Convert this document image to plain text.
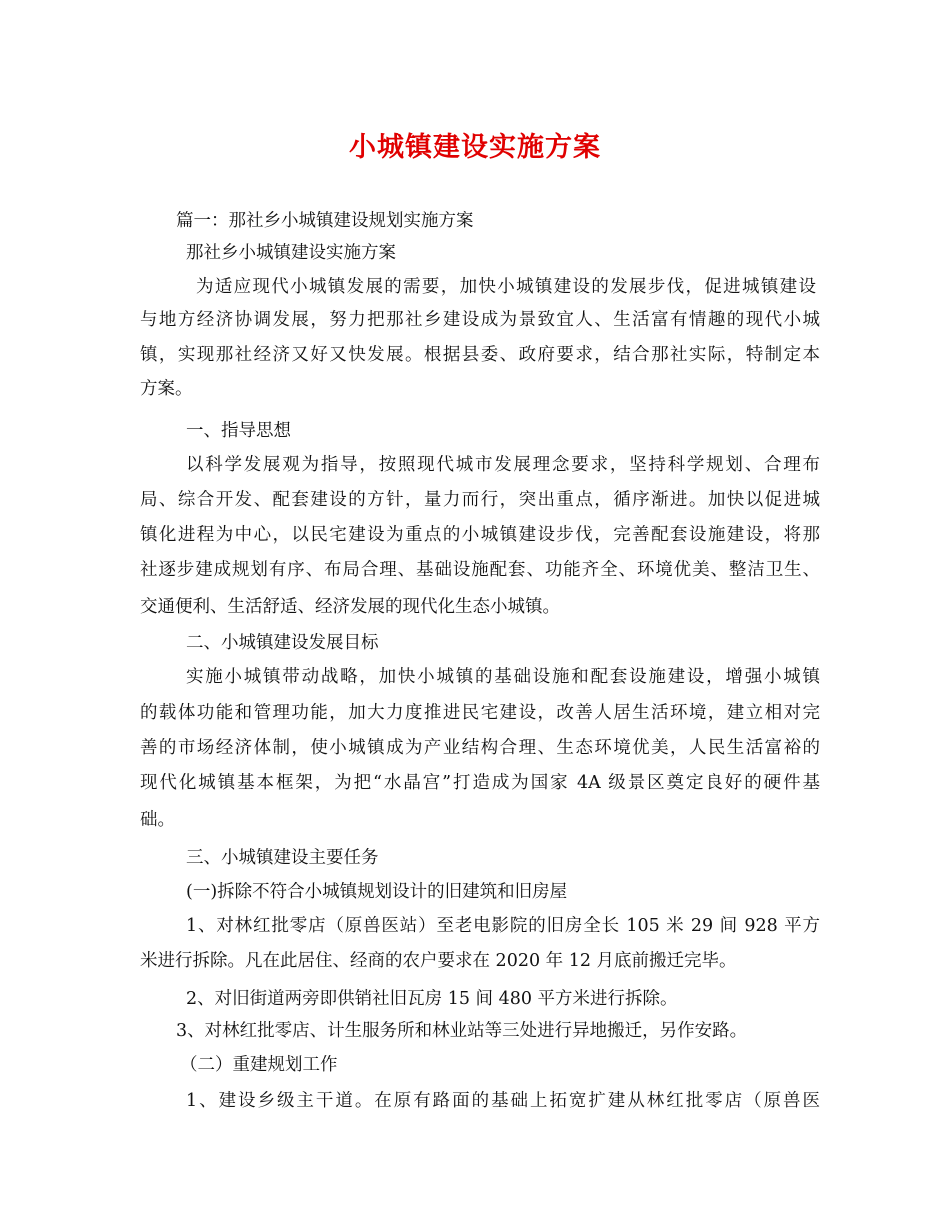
小城镇建设实施方案
篇一：那社乡小城镇建设规划实施方案
那社乡小城镇建设实施方案
为适应现代小城镇发展的需要，加快小城镇建设的发展步伐，促进城镇建设
与地方经济协调发展，努力把那社乡建设成为景致宜人、生活富有情趣的现代小城
镇，实现那社经济又好又快发展。根据县委、政府要求，结合那社实际，特制定本
方案。
一、指导思想
以科学发展观为指导，按照现代城市发展理念要求，坚持科学规划、合理布
局、综合开发、配套建设的方针，量力而行，突出重点，循序渐进。加快以促进城
镇化进程为中心，以民宅建设为重点的小城镇建设步伐，完善配套设施建设，将那
社逐步建成规划有序、布局合理、基础设施配套、功能齐全、环境优美、整洁卫生、
交通便利、生活舒适、经济发展的现代化生态小城镇。
二、小城镇建设发展目标
实施小城镇带动战略，加快小城镇的基础设施和配套设施建设，增强小城镇
的载体功能和管理功能，加大力度推进民宅建设，改善人居生活环境，建立相对完
善的市场经济体制，使小城镇成为产业结构合理、生态环境优美，人民生活富裕的
现代化城镇基本框架，为把“水晶宫”打造成为国家 4A 级景区奠定良好的硬件基
础。
三、小城镇建设主要任务
(一)拆除不符合小城镇规划设计的旧建筑和旧房屋
1、对林红批零店（原兽医站）至老电影院的旧房全长 105 米 29 间 928 平方
米进行拆除。凡在此居住、经商的农户要求在 2020 年 12 月底前搬迁完毕。
2、对旧街道两旁即供销社旧瓦房 15 间 480 平方米进行拆除。
3、对林红批零店、计生服务所和林业站等三处进行异地搬迁，另作安路。
（二）重建规划工作
1、建设乡级主干道。在原有路面的基础上拓宽扩建从林红批零店（原兽医
